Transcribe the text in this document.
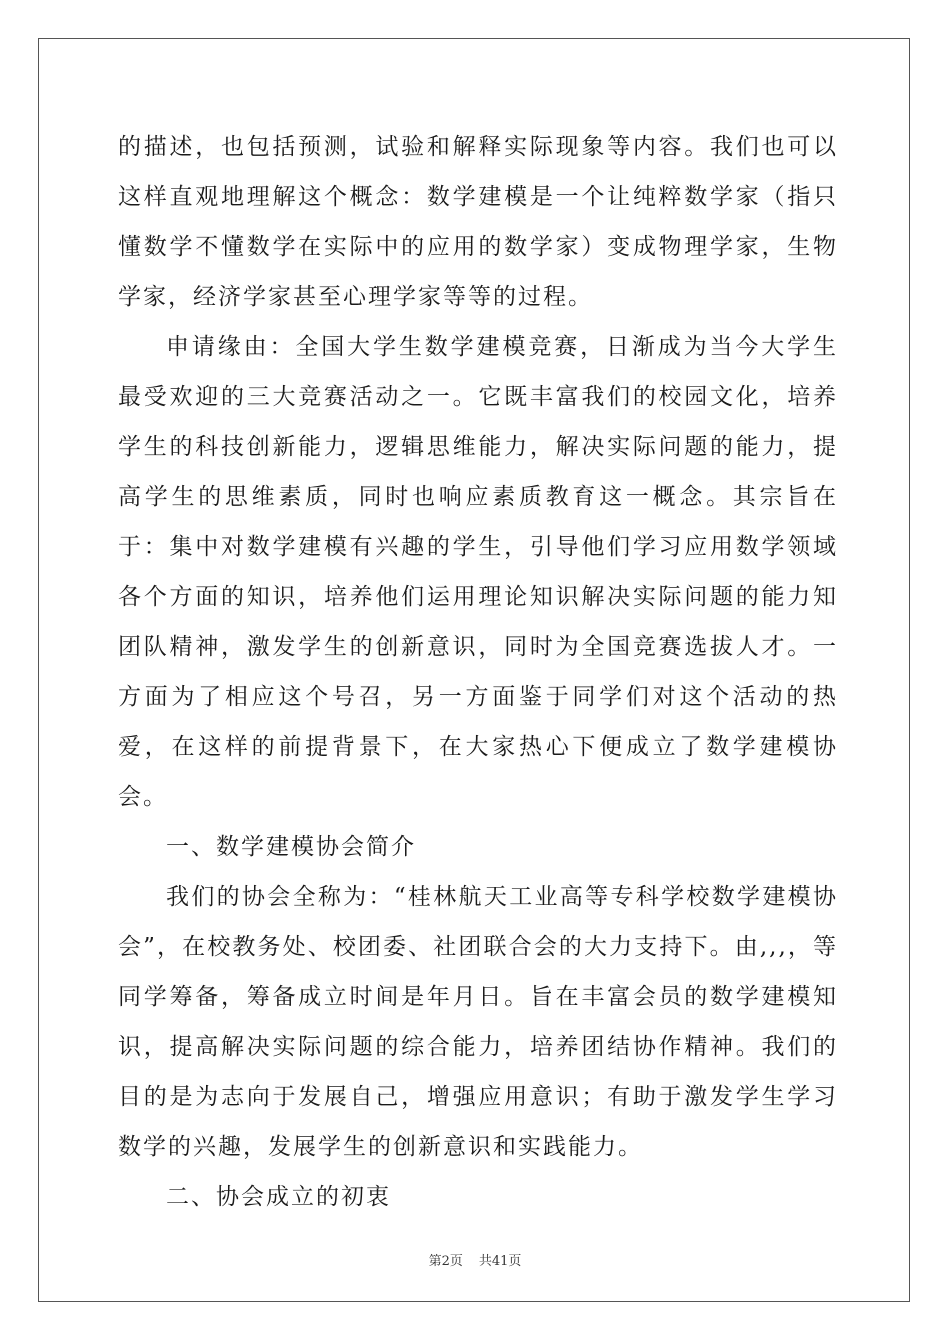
的描述，也包括预测，试验和解释实际现象等内容。我们也可以这样直观地理解这个概念：数学建模是一个让纯粹数学家（指只懂数学不懂数学在实际中的应用的数学家）变成物理学家，生物学家，经济学家甚至心理学家等等的过程。

申请缘由：全国大学生数学建模竞赛，日渐成为当今大学生最受欢迎的三大竞赛活动之一。它既丰富我们的校园文化，培养学生的科技创新能力，逻辑思维能力，解决实际问题的能力，提高学生的思维素质，同时也响应素质教育这一概念。其宗旨在于：集中对数学建模有兴趣的学生，引导他们学习应用数学领域各个方面的知识，培养他们运用理论知识解决实际问题的能力知团队精神，激发学生的创新意识，同时为全国竞赛选拔人才。一方面为了相应这个号召，另一方面鉴于同学们对这个活动的热爱，在这样的前提背景下，在大家热心下便成立了数学建模协会。

一、数学建模协会简介

我们的协会全称为：“桂林航天工业高等专科学校数学建模协会”，在校教务处、校团委、社团联合会的大力支持下。由,,,，等同学筹备，筹备成立时间是年月日。旨在丰富会员的数学建模知识，提高解决实际问题的综合能力，培养团结协作精神。我们的目的是为志向于发展自己，增强应用意识；有助于激发学生学习数学的兴趣，发展学生的创新意识和实践能力。

二、协会成立的初衷

第2页 共41页
